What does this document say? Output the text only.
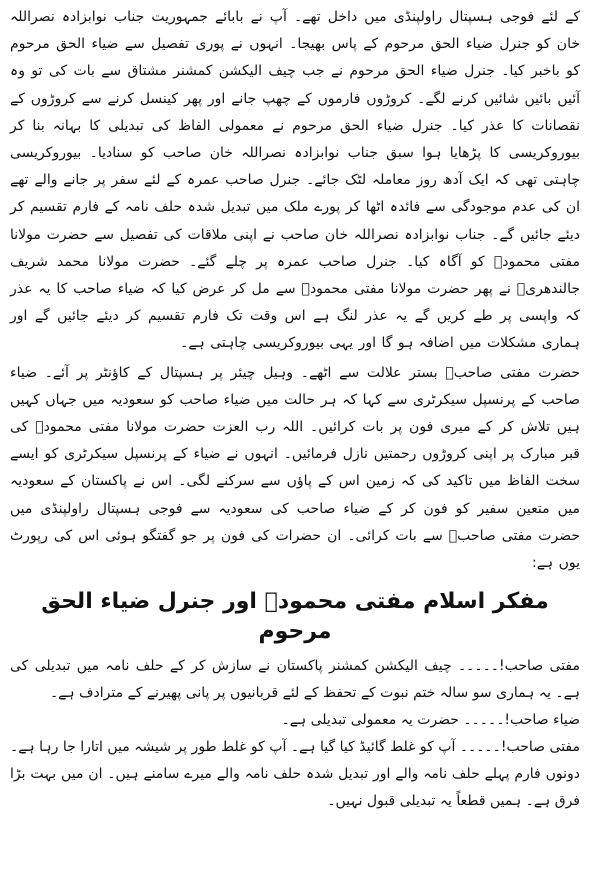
کے لئے فوجی ہسپتال راولپنڈی میں داخل تھے۔ آپ نے بابائے جمہوریت جناب نوابزادہ نصراللہ خان کو جنرل ضیاء الحق مرحوم کے پاس بھیجا۔ انہوں نے پوری تفصیل سے ضیاء الحق مرحوم کو باخبر کیا۔ جنرل ضیاء الحق مرحوم نے جب چیف الیکشن کمشنر مشتاق سے بات کی تو وہ آئیں بائیں شائیں کرنے لگے۔ کروڑوں فارموں کے چھپ جانے اور پھر کینسل کرنے سے کروڑوں کے نقصانات کا عذر کیا۔ جنرل ضیاء الحق مرحوم نے معمولی الفاظ کی تبدیلی کا بہانہ بنا کر بیوروکریسی کا پڑھایا ہوا سبق جناب نوابزادہ نصراللہ خان صاحب کو سنادیا۔ بیوروکریسی چاہتی تھی کہ ایک آدھ روز معاملہ لٹک جائے۔ جنرل صاحب عمرہ کے لئے سفر پر جانے والے تھے ان کی عدم موجودگی سے فائدہ اٹھا کر پورے ملک میں تبدیل شدہ حلف نامہ کے فارم تقسیم کر دیئے جائیں گے۔ جناب نوابزادہ نصراللہ خان صاحب نے اپنی ملاقات کی تفصیل سے حضرت مولانا مفتی محمودؒ کو آگاہ کیا۔ جنرل صاحب عمرہ پر چلے گئے۔ حضرت مولانا محمد شریف جالندھریؒ نے پھر حضرت مولانا مفتی محمودؒ سے مل کر عرض کیا کہ ضیاء صاحب کا یہ عذر کہ واپسی پر طے کریں گے یہ عذر لنگ ہے اس وقت تک فارم تقسیم کر دیئے جائیں گے اور ہماری مشکلات میں اضافہ ہو گا اور یہی بیوروکریسی چاہتی ہے۔

حضرت مفتی صاحبؒ بستر علالت سے اٹھے۔ وہیل چیئر پر ہسپتال کے کاؤنٹر پر آئے۔ ضیاء صاحب کے پرنسپل سیکرٹری سے کہا کہ ہر حالت میں ضیاء صاحب کو سعودیہ میں جہاں کہیں ہیں تلاش کر کے میری فون پر بات کرائیں۔ اللہ رب العزت حضرت مولانا مفتی محمودؒ کی قبر مبارک پر اپنی کروڑوں رحمتیں نازل فرمائیں۔ انہوں نے ضیاء کے پرنسپل سیکرٹری کو ایسے سخت الفاظ میں تاکید کی کہ زمین اس کے پاؤں سے سرکنے لگی۔ اس نے پاکستان کے سعودیہ میں متعین سفیر کو فون کر کے ضیاء صاحب کی سعودیہ سے فوجی ہسپتال راولپنڈی میں حضرت مفتی صاحبؒ سے بات کرائی۔ ان حضرات کی فون پر جو گفتگو ہوئی اس کی رپورٹ یوں ہے:

مفکر اسلام مفتی محمودؒ اور جنرل ضیاء الحق مرحوم

مفتی صاحب!۔۔۔۔۔ چیف الیکشن کمشنر پاکستان نے سازش کر کے حلف نامہ میں تبدیلی کی ہے۔ یہ ہماری سو سالہ ختم نبوت کے تحفظ کے لئے قربانیوں پر پانی پھیرنے کے مترادف ہے۔

ضیاء صاحب!۔۔۔۔۔ حضرت یہ معمولی تبدیلی ہے۔

مفتی صاحب!۔۔۔۔۔ آپ کو غلط گائیڈ کیا گیا ہے۔ آپ کو غلط طور پر شیشہ میں اتارا جا رہا ہے۔ دونوں فارم پہلے حلف نامہ والے اور تبدیل شدہ حلف نامہ والے میرے سامنے ہیں۔ ان میں بہت بڑا فرق ہے۔ ہمیں قطعاً یہ تبدیلی قبول نہیں۔
